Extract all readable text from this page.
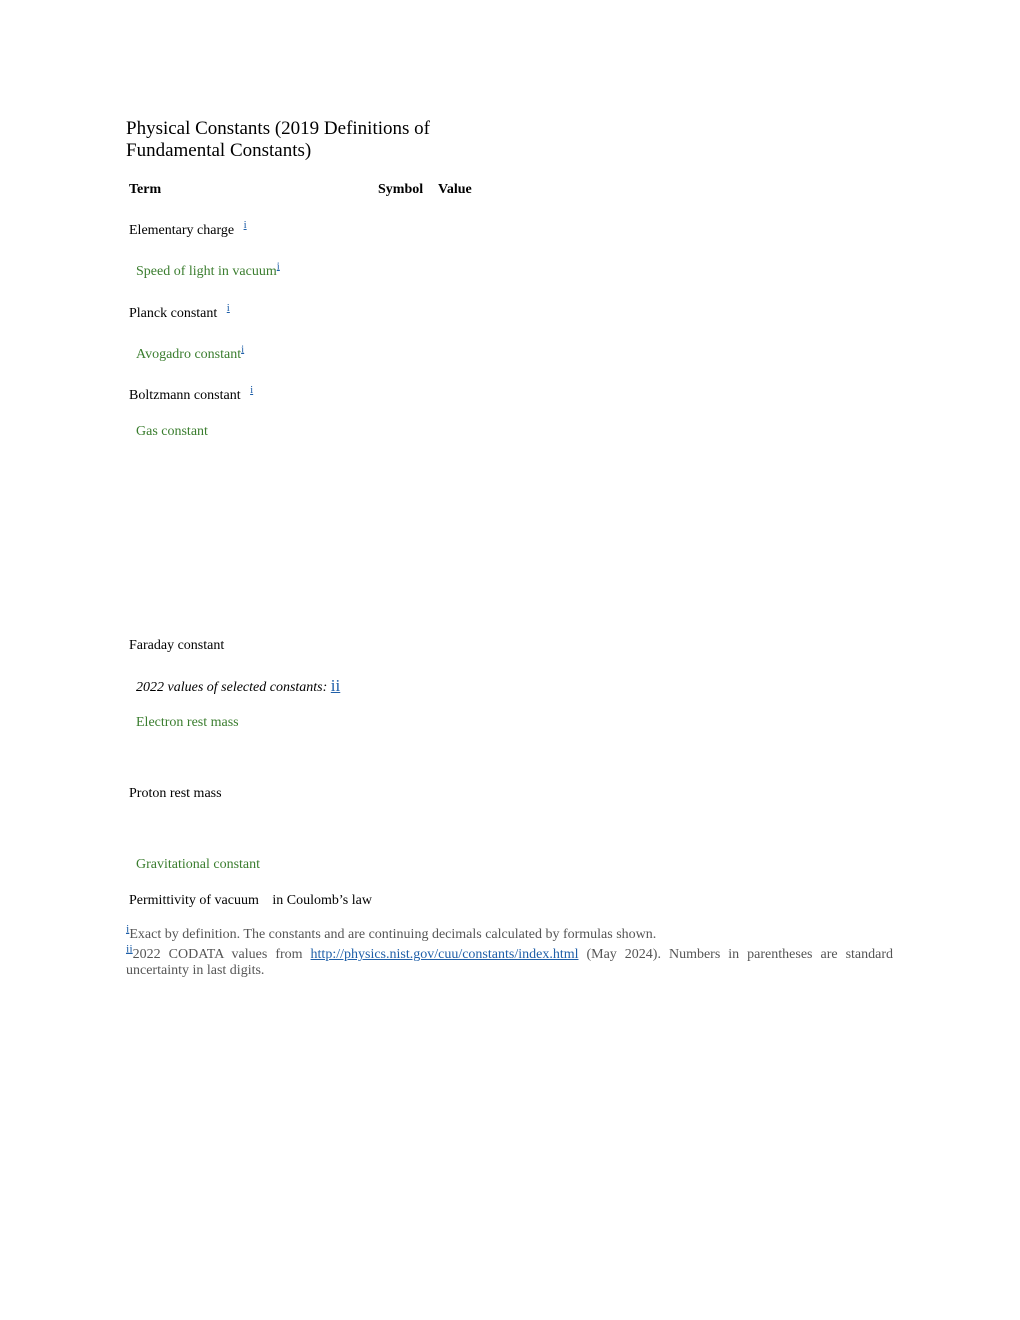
Physical Constants (2019 Definitions of Fundamental Constants)
Term	Symbol Value
Elementary charge $^i$
Speed of light in vacuum$^i$
Planck constant $^i$
Avogadro constant$^i$
Boltzmann constant $^i$
Gas constant
Faraday constant
2022 values of selected constants: ii
Electron rest mass
Proton rest mass
Gravitational constant
Permittivity of vacuum in Coulomb’s law
iExact by definition. The constants and are continuing decimals calculated by formulas shown.
ii2022 CODATA values from http://physics.nist.gov/cuu/constants/index.html (May 2024). Numbers in parentheses are standard uncertainty in last digits.
